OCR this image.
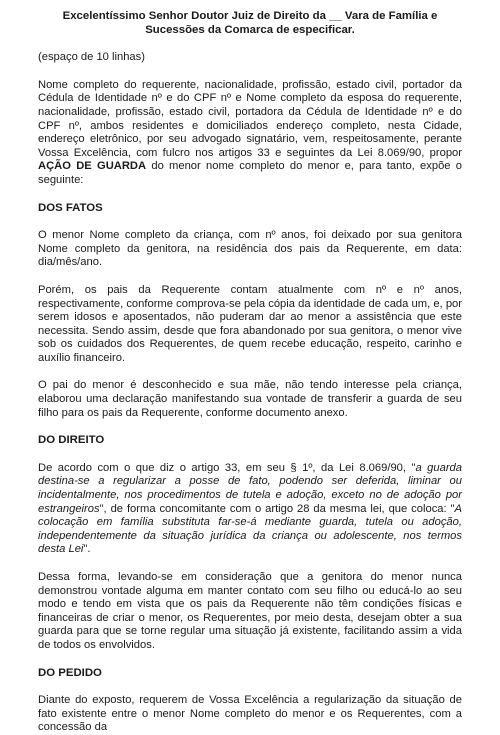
Excelentíssimo Senhor Doutor Juiz de Direito da __ Vara de Família e Sucessões da Comarca de especificar.
(espaço de 10 linhas)

Nome completo do requerente, nacionalidade, profissão, estado civil, portador da Cédula de Identidade nº e do CPF nº e Nome completo da esposa do requerente, nacionalidade, profissão, estado civil, portadora da Cédula de Identidade nº e do CPF nº, ambos residentes e domiciliados endereço completo, nesta Cidade, endereço eletrônico, por seu advogado signatário, vem, respeitosamente, perante Vossa Excelência, com fulcro nos artigos 33 e seguintes da Lei 8.069/90, propor AÇÃO DE GUARDA do menor nome completo do menor e, para tanto, expõe o seguinte:

DOS FATOS

O menor Nome completo da criança, com nº anos, foi deixado por sua genitora Nome completo da genitora, na residência dos pais da Requerente, em data: dia/mês/ano.

Porém, os pais da Requerente contam atualmente com nº e nº anos, respectivamente, conforme comprova-se pela cópia da identidade de cada um, e, por serem idosos e aposentados, não puderam dar ao menor a assistência que este necessita. Sendo assim, desde que fora abandonado por sua genitora, o menor vive sob os cuidados dos Requerentes, de quem recebe educação, respeito, carinho e auxílio financeiro.

O pai do menor é desconhecido e sua mãe, não tendo interesse pela criança, elaborou uma declaração manifestando sua vontade de transferir a guarda de seu filho para os pais da Requerente, conforme documento anexo.

DO DIREITO

De acordo com o que diz o artigo 33, em seu § 1º, da Lei 8.069/90, "a guarda destina-se a regularizar a posse de fato, podendo ser deferida, liminar ou incidentalmente, nos procedimentos de tutela e adoção, exceto no de adoção por estrangeiros", de forma concomitante com o artigo 28 da mesma lei, que coloca: "A colocação em família substituta far-se-á mediante guarda, tutela ou adoção, independentemente da situação jurídica da criança ou adolescente, nos termos desta Lei".

Dessa forma, levando-se em consideração que a genitora do menor nunca demonstrou vontade alguma em manter contato com seu filho ou educá-lo ao seu modo e tendo em vista que os pais da Requerente não têm condições físicas e financeiras de criar o menor, os Requerentes, por meio desta, desejam obter a sua guarda para que se torne regular uma situação já existente, facilitando assim a vida de todos os envolvidos.

DO PEDIDO

Diante do exposto, requerem de Vossa Excelência a regularização da situação de fato existente entre o menor Nome completo do menor e os Requerentes, com a concessão da
